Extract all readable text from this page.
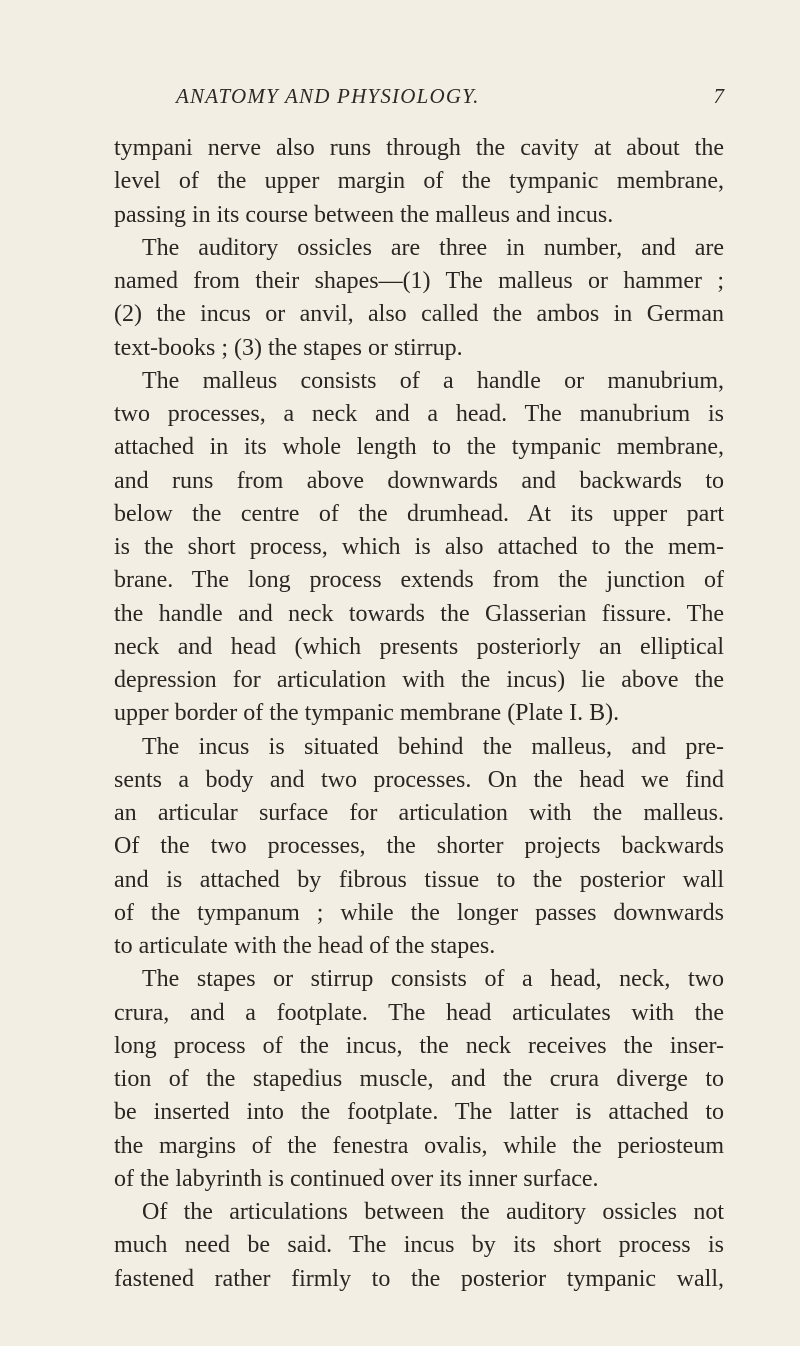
ANATOMY AND PHYSIOLOGY.	7
tympani nerve also runs through the cavity at about the
level of the upper margin of the tympanic membrane,
passing in its course between the malleus and incus.
The auditory ossicles are three in number, and are
named from their shapes—(1) The malleus or hammer ;
(2) the incus or anvil, also called the ambos in German
text-books ; (3) the stapes or stirrup.
The malleus consists of a handle or manubrium,
two processes, a neck and a head. The manubrium is
attached in its whole length to the tympanic membrane,
and runs from above downwards and backwards to
below the centre of the drumhead. At its upper part
is the short process, which is also attached to the mem-
brane. The long process extends from the junction of
the handle and neck towards the Glasserian fissure. The
neck and head (which presents posteriorly an elliptical
depression for articulation with the incus) lie above the
upper border of the tympanic membrane (Plate I. B).
The incus is situated behind the malleus, and pre-
sents a body and two processes. On the head we find
an articular surface for articulation with the malleus.
Of the two processes, the shorter projects backwards
and is attached by fibrous tissue to the posterior wall
of the tympanum ; while the longer passes downwards
to articulate with the head of the stapes.
The stapes or stirrup consists of a head, neck, two
crura, and a footplate. The head articulates with the
long process of the incus, the neck receives the inser-
tion of the stapedius muscle, and the crura diverge to
be inserted into the footplate. The latter is attached to
the margins of the fenestra ovalis, while the periosteum
of the labyrinth is continued over its inner surface.
Of the articulations between the auditory ossicles not
much need be said. The incus by its short process is
fastened rather firmly to the posterior tympanic wall,
